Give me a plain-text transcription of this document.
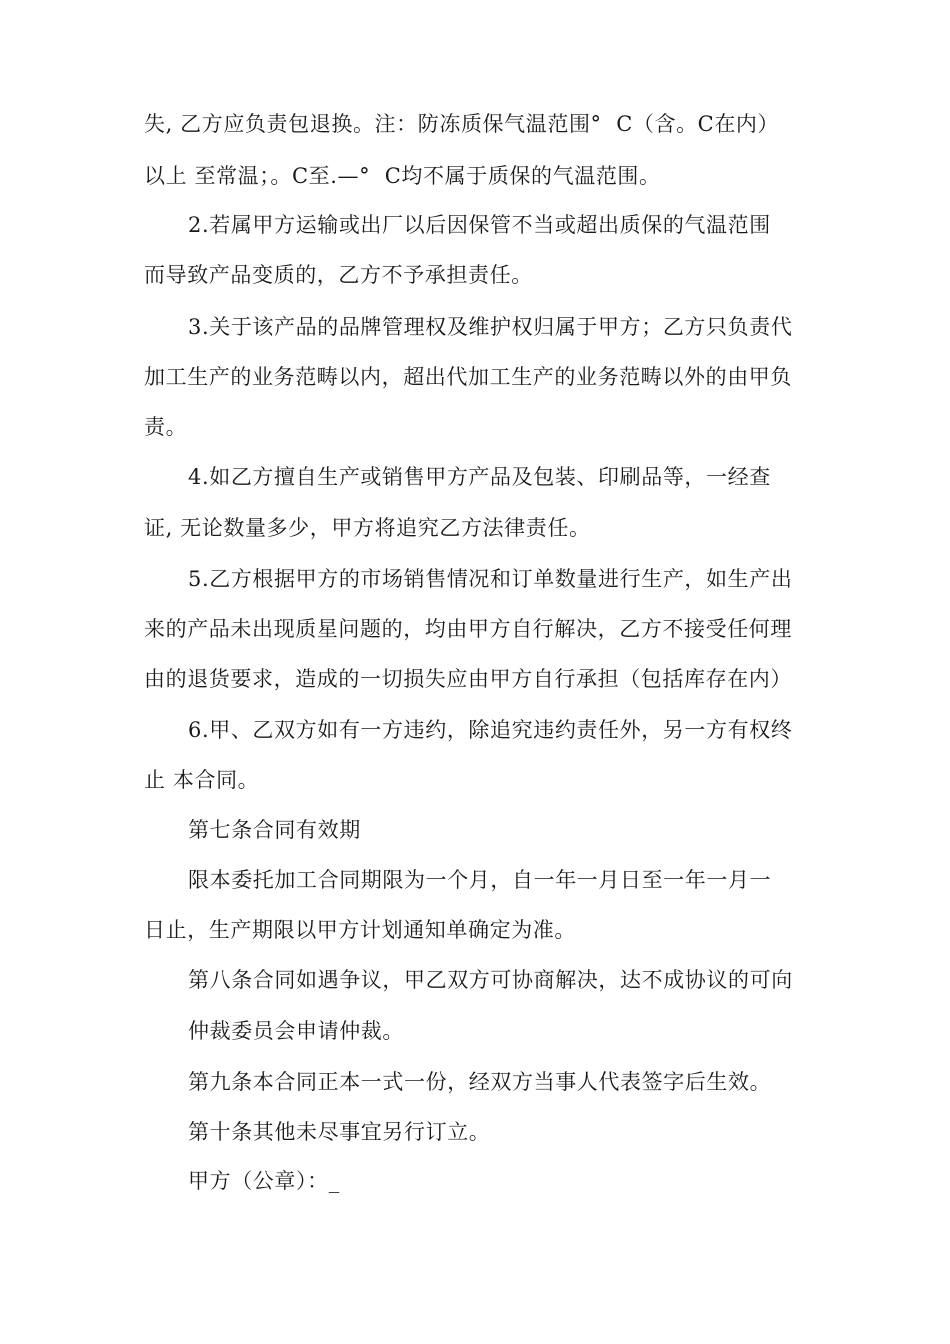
失, 乙方应负责包退换。注：防冻质保气温范围°  C（含。C在内）
以上 至常温；。C至.—°  C均不属于质保的气温范围。
2.若属甲方运输或出厂以后因保管不当或超出质保的气温范围
而导致产品变质的，乙方不予承担责任。
3.关于该产品的品牌管理权及维护权归属于甲方；乙方只负责代
加工生产的业务范畴以内，超出代加工生产的业务范畴以外的由甲负
责。
4.如乙方擅自生产或销售甲方产品及包装、印刷品等，一经查
证, 无论数量多少，甲方将追究乙方法律责任。
5.乙方根据甲方的市场销售情况和订单数量进行生产，如生产出
来的产品未出现质星问题的，均由甲方自行解决，乙方不接受任何理
由的退货要求，造成的一切损失应由甲方自行承担（包括库存在内）
6.甲、乙双方如有一方违约，除追究违约责任外，另一方有权终
止 本合同。
第七条合同有效期
限本委托加工合同期限为一个月，自一年一月日至一年一月一
日止，生产期限以甲方计划通知单确定为准。
第八条合同如遇争议，甲乙双方可协商解决，达不成协议的可向
仲裁委员会申请仲裁。
第九条本合同正本一式一份，经双方当事人代表签字后生效。
第十条其他未尽事宜另行订立。
甲方（公章）：_
